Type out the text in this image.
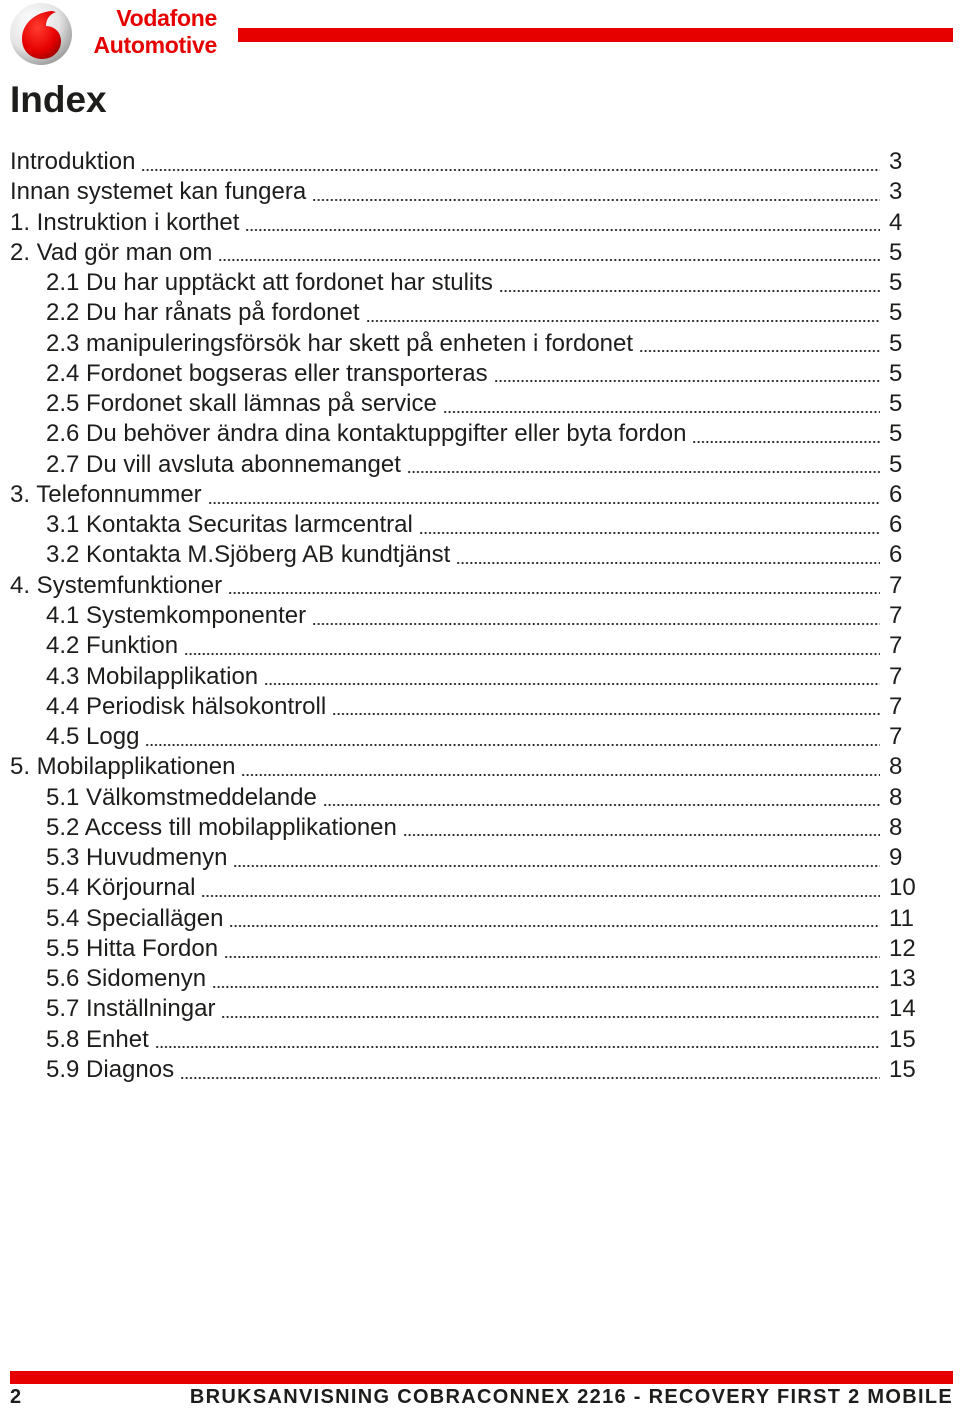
Vodafone
Automotive
Index
Introduktion	3
Innan systemet kan fungera	3
1. Instruktion i korthet	4
2. Vad gör man om	5
2.1 Du har upptäckt att fordonet har stulits	5
2.2 Du har rånats på fordonet	5
2.3 manipuleringsförsök har skett på enheten i fordonet	5
2.4 Fordonet bogseras eller transporteras	5
2.5 Fordonet skall lämnas på service	5
2.6 Du behöver ändra dina kontaktuppgifter eller byta fordon	5
2.7 Du vill avsluta abonnemanget	5
3. Telefonnummer	6
3.1 Kontakta Securitas larmcentral	6
3.2 Kontakta M.Sjöberg AB kundtjänst	6
4. Systemfunktioner	7
4.1 Systemkomponenter	7
4.2 Funktion	7
4.3 Mobilapplikation	7
4.4 Periodisk hälsokontroll	7
4.5 Logg	7
5. Mobilapplikationen	8
5.1 Välkomstmeddelande	8
5.2 Access till mobilapplikationen	8
5.3 Huvudmenyn	9
5.4 Körjournal	10
5.4 Speciallägen	11
5.5 Hitta Fordon	12
5.6 Sidomenyn	13
5.7 Inställningar	14
5.8 Enhet	15
5.9 Diagnos	15
2	BRUKSANVISNING COBRACONNEX 2216 - RECOVERY FIRST 2 MOBILE
